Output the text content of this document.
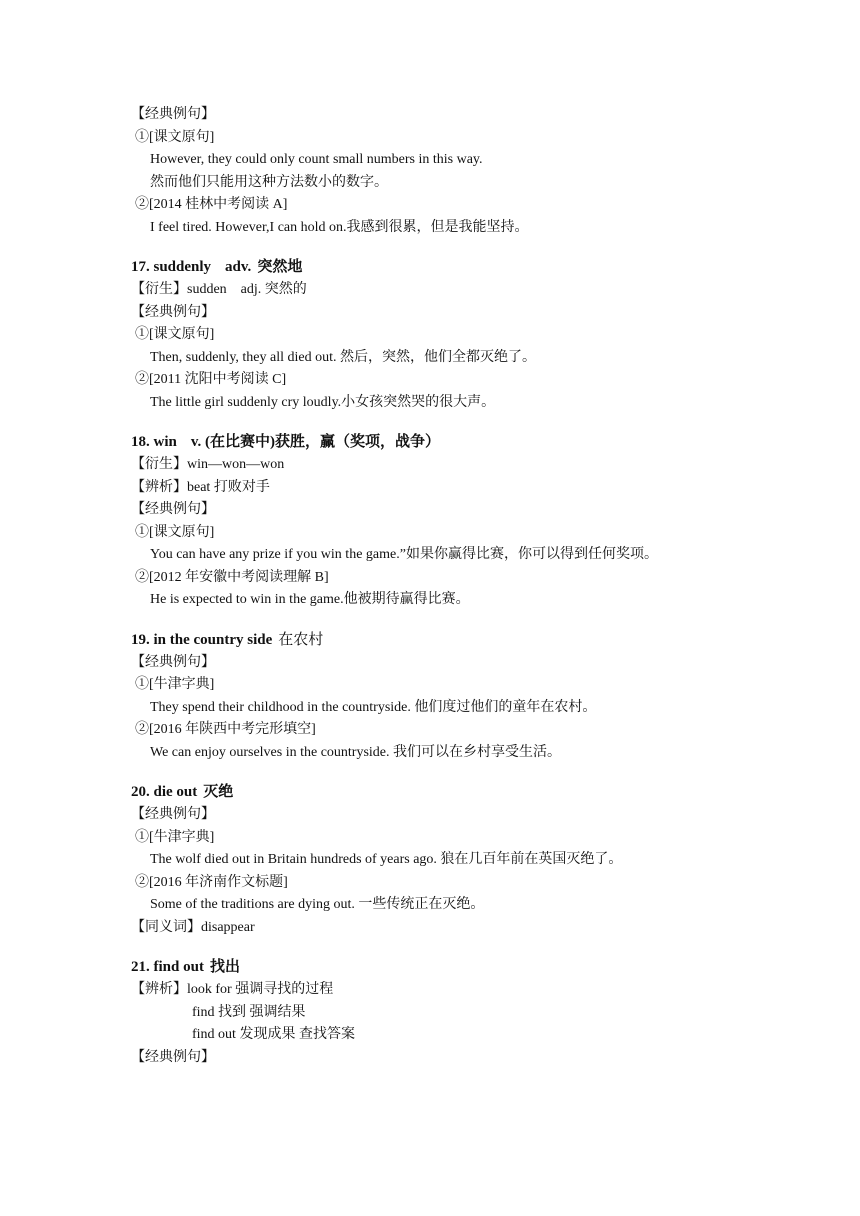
【经典例句】
①[课文原句]
However, they could only count small numbers in this way.
然而他们只能用这种方法数小的数字。
②[2014 桂林中考阅读 A]
I feel tired. However,I can hold on.我感到很累，但是我能坚持。
17. suddenly adv. 突然地
【衍生】sudden　adj. 突然的
【经典例句】
①[课文原句]
Then, suddenly, they all died out. 然后，突然，他们全都灭绝了。
②[2011 沈阳中考阅读 C]
The little girl suddenly cry loudly.小女孩突然哭的很大声。
18. win v. (在比赛中)获胜，赢（奖项，战争）
【衍生】win—won—won
【辨析】beat 打败对手
【经典例句】
①[课文原句]
You can have any prize if you win the game.”如果你赢得比赛，你可以得到任何奖项。
②[2012 年安徽中考阅读理解 B]
He is expected to win in the game.他被期待赢得比赛。
19. in the country side 在农村
【经典例句】
①[牛津字典]
They spend their childhood in the countryside. 他们度过他们的童年在农村。
②[2016 年陕西中考完形填空]
We can enjoy ourselves in the countryside. 我们可以在乡村享受生活。
20. die out 灭绝
【经典例句】
①[牛津字典]
The wolf died out in Britain hundreds of years ago. 狼在几百年前在英国灭绝了。
②[2016 年济南作文标题]
Some of the traditions are dying out. 一些传统正在灭绝。
【同义词】disappear
21. find out 找出
【辨析】look for 强调寻找的过程
find 找到 强调结果
find out 发现成果 查找答案
【经典例句】
